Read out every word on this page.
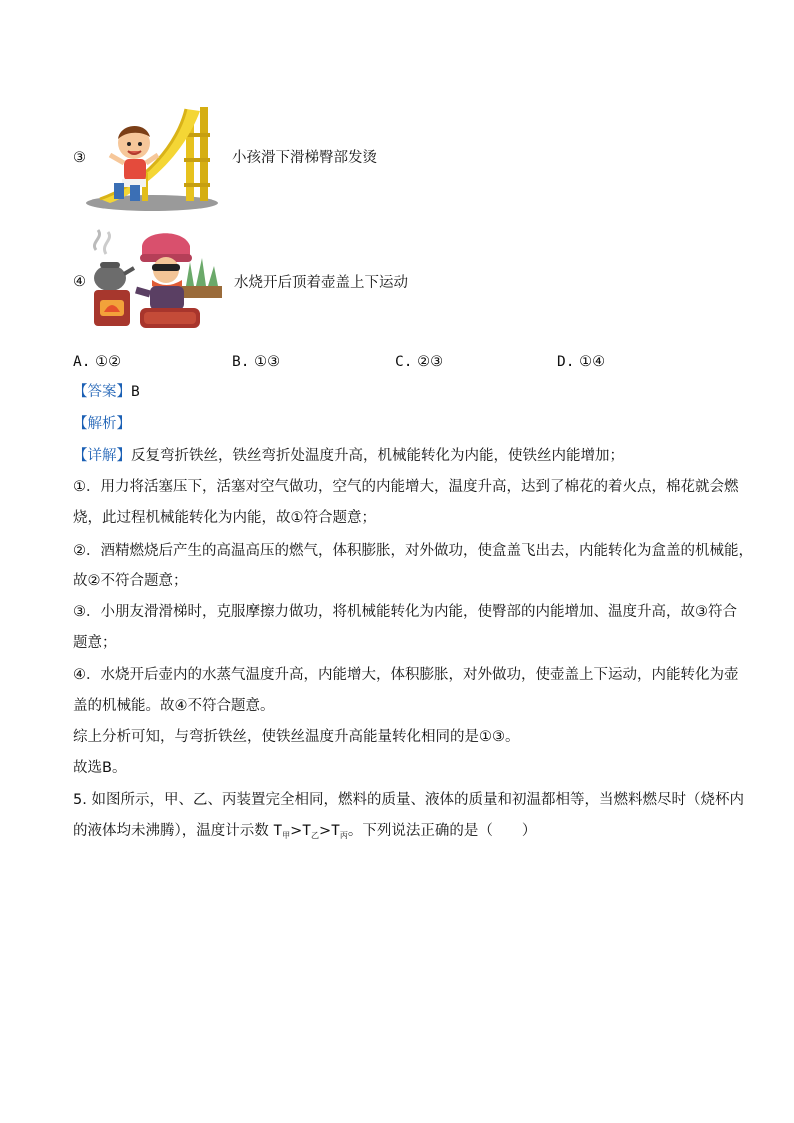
③	小孩滑下滑梯臀部发烫
④	水烧开后顶着壶盖上下运动
A. ①②	B. ①③	C. ②③	D. ①④
【答案】B
【解析】
【详解】反复弯折铁丝，铁丝弯折处温度升高，机械能转化为内能，使铁丝内能增加；
①．用力将活塞压下，活塞对空气做功，空气的内能增大，温度升高，达到了棉花的着火点，棉花就会燃
烧，此过程机械能转化为内能，故①符合题意；
②．酒精燃烧后产生的高温高压的燃气，体积膨胀，对外做功，使盒盖飞出去，内能转化为盒盖的机械能，
故②不符合题意；
③．小朋友滑滑梯时，克服摩擦力做功，将机械能转化为内能，使臀部的内能增加、温度升高，故③符合
题意；
④．水烧开后壶内的水蒸气温度升高，内能增大，体积膨胀，对外做功，使壶盖上下运动，内能转化为壶
盖的机械能。故④不符合题意。
综上分析可知，与弯折铁丝，使铁丝温度升高能量转化相同的是①③。
故选B。
5. 如图所示，甲、乙、丙装置完全相同，燃料的质量、液体的质量和初温都相等，当燃料燃尽时（烧杯内
的液体均未沸腾），温度计示数 $T_甲>T_乙>T_丙$。下列说法正确的是（　　）
